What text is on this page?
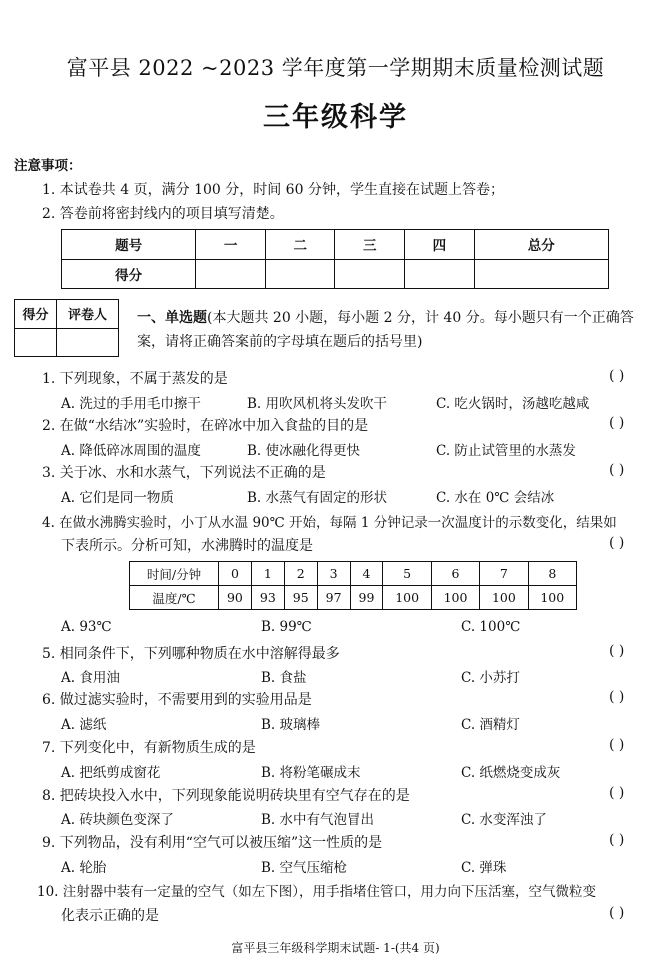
富平县 2022 ~2023 学年度第一学期期末质量检测试题
三年级科学
注意事项：
1. 本试卷共 4 页，满分 100 分，时间 60 分钟，学生直接在试题上答卷；
2. 答卷前将密封线内的项目填写清楚。
题号	一	二	三	四	总分
得分					
得分	评卷人
	一、单选题(本大题共 20 小题，每小题 2 分，计 40 分。每小题只有一个正确答
案，请将正确答案前的字母填在题后的括号里)
1. 下列现象，不属于蒸发的是	( )
A. 洗过的手用毛巾擦干	B. 用吹风机将头发吹干	C. 吃火锅时，汤越吃越咸
2. 在做“水结冰”实验时，在碎冰中加入食盐的目的是	( )
A. 降低碎冰周围的温度	B. 使冰融化得更快	C. 防止试管里的水蒸发
3. 关于冰、水和水蒸气，下列说法不正确的是	( )
A. 它们是同一物质	B. 水蒸气有固定的形状	C. 水在 0℃ 会结冰
4. 在做水沸腾实验时，小丁从水温 90℃ 开始，每隔 1 分钟记录一次温度计的示数变化，结果如
下表所示。分析可知，水沸腾时的温度是	( )
时间/分钟	0	1	2	3	4	5	6	7	8
温度/℃	90	93	95	97	99	100	100	100	100
A. 93℃	B. 99℃	C. 100℃
5. 相同条件下，下列哪种物质在水中溶解得最多	( )
A. 食用油	B. 食盐	C. 小苏打
6. 做过滤实验时，不需要用到的实验用品是	( )
A. 滤纸	B. 玻璃棒	C. 酒精灯
7. 下列变化中，有新物质生成的是	( )
A. 把纸剪成窗花	B. 将粉笔碾成末	C. 纸燃烧变成灰
8. 把砖块投入水中，下列现象能说明砖块里有空气存在的是	( )
A. 砖块颜色变深了	B. 水中有气泡冒出	C. 水变浑浊了
9. 下列物品，没有利用“空气可以被压缩”这一性质的是	( )
A. 轮胎	B. 空气压缩枪	C. 弹珠
10. 注射器中装有一定量的空气（如左下图），用手指堵住管口，用力向下压活塞，空气微粒变
化表示正确的是	( )
富平县三年级科学期末试题- 1-(共4 页)
